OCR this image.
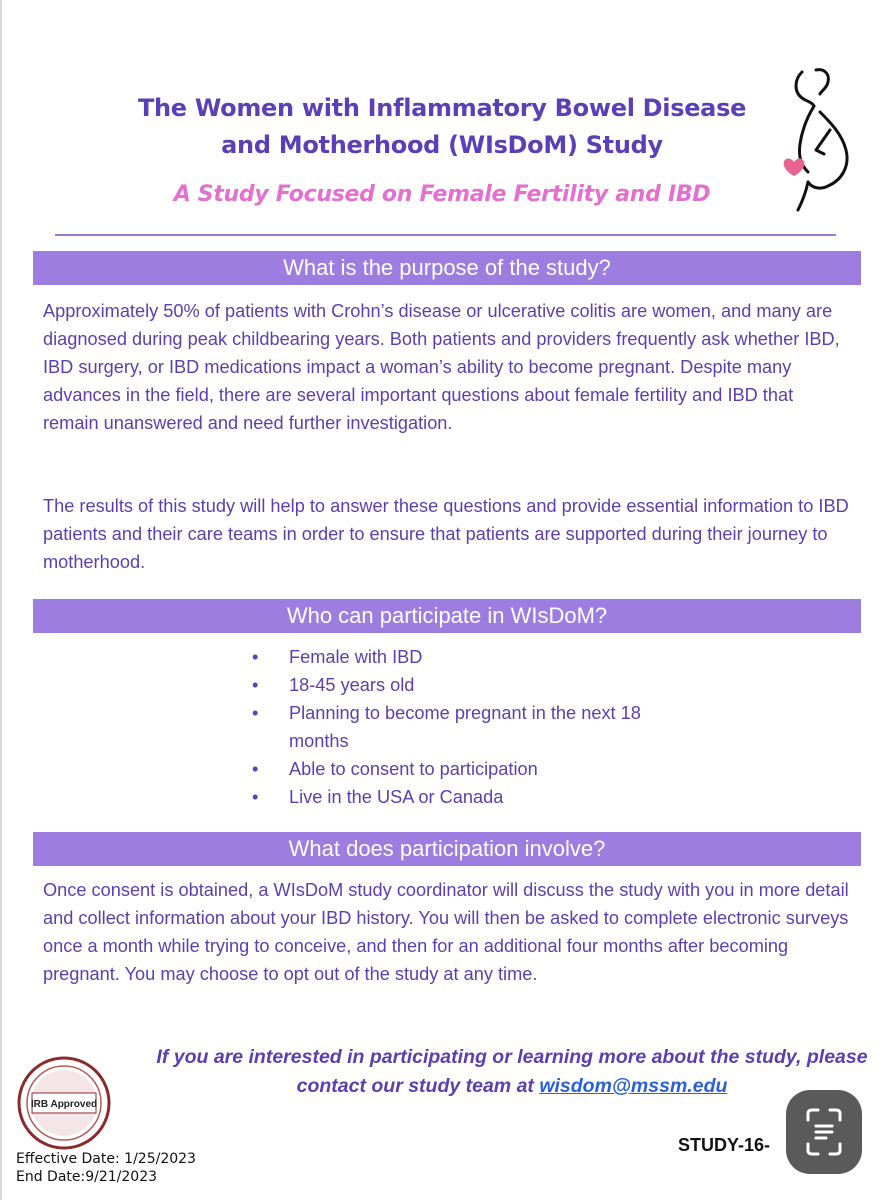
The Women with Inflammatory Bowel Disease
and Motherhood (WIsDoM) Study
A Study Focused on Female Fertility and IBD
What is the purpose of the study?

Approximately 50% of patients with Crohn’s disease or ulcerative colitis are women, and many are diagnosed during peak childbearing years. Both patients and providers frequently ask whether IBD, IBD surgery, or IBD medications impact a woman’s ability to become pregnant. Despite many advances in the field, there are several important questions about female fertility and IBD that remain unanswered and need further investigation.

The results of this study will help to answer these questions and provide essential information to IBD patients and their care teams in order to ensure that patients are supported during their journey to motherhood.

Who can participate in WIsDoM?
• Female with IBD
• 18-45 years old
• Planning to become pregnant in the next 18 months
• Able to consent to participation
• Live in the USA or Canada
What does participation involve?

Once consent is obtained, a WIsDoM study coordinator will discuss the study with you in more detail and collect information about your IBD history. You will then be asked to complete electronic surveys once a month while trying to conceive, and then for an additional four months after becoming pregnant. You may choose to opt out of the study at any time.

If you are interested in participating or learning more about the study, please contact our study team at wisdom@mssm.edu
IRB Approved
Effective Date: 1/25/2023
End Date:9/21/2023
STUDY-16-
